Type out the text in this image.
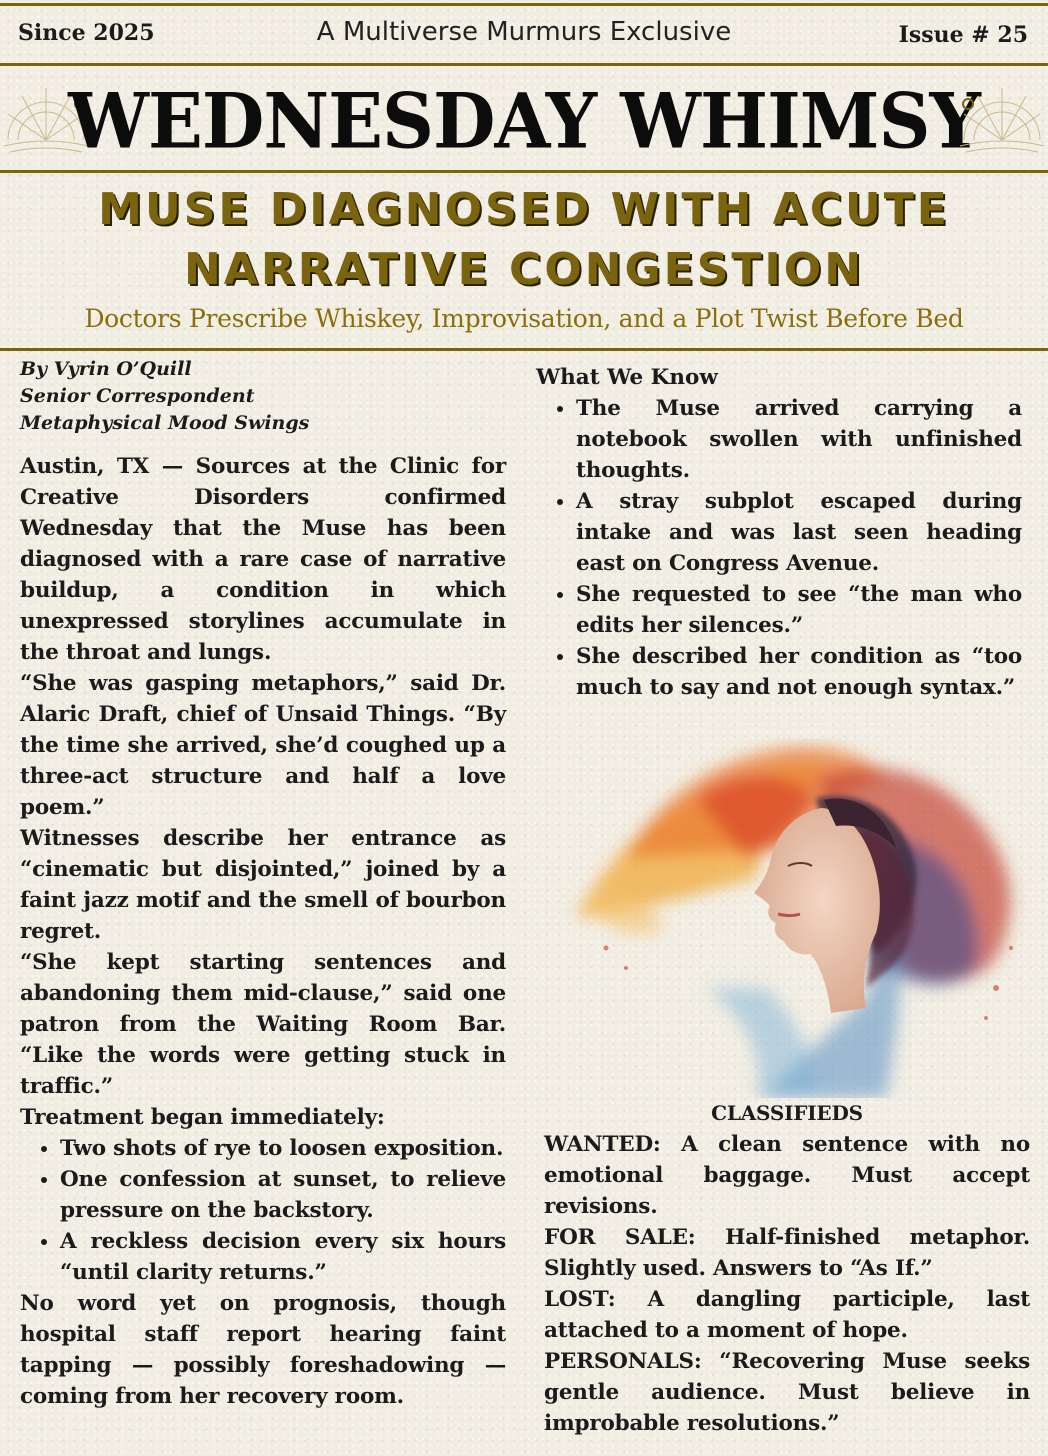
Since 2025	A Multiverse Murmurs Exclusive	Issue # 25
WEDNESDAY WHIMSY
MUSE DIAGNOSED WITH ACUTE
NARRATIVE CONGESTION
Doctors Prescribe Whiskey, Improvisation, and a Plot Twist Before Bed
By Vyrin O’Quill
Senior Correspondent
Metaphysical Mood Swings

Austin, TX — Sources at the Clinic for Creative Disorders confirmed Wednesday that the Muse has been diagnosed with a rare case of narrative buildup, a condition in which unexpressed storylines accumulate in the throat and lungs.

“She was gasping metaphors,” said Dr. Alaric Draft, chief of Unsaid Things. “By the time she arrived, she’d coughed up a three-act structure and half a love poem.”

Witnesses describe her entrance as “cinematic but disjointed,” joined by a faint jazz motif and the smell of bourbon regret.

“She kept starting sentences and abandoning them mid-clause,” said one patron from the Waiting Room Bar. “Like the words were getting stuck in traffic.”

Treatment began immediately:

• Two shots of rye to loosen exposition.
• One confession at sunset, to relieve pressure on the backstory.
• A reckless decision every six hours “until clarity returns.”

No word yet on prognosis, though hospital staff report hearing faint tapping — possibly foreshadowing — coming from her recovery room.

What We Know
• The Muse arrived carrying a notebook swollen with unfinished thoughts.
• A stray subplot escaped during intake and was last seen heading east on Congress Avenue.
• She requested to see “the man who edits her silences.”
• She described her condition as “too much to say and not enough syntax.”
CLASSIFIEDS

WANTED: A clean sentence with no emotional baggage. Must accept revisions.

FOR SALE: Half-finished metaphor. Slightly used. Answers to “As If.”

LOST: A dangling participle, last attached to a moment of hope.

PERSONALS: “Recovering Muse seeks gentle audience. Must believe in improbable resolutions.”
